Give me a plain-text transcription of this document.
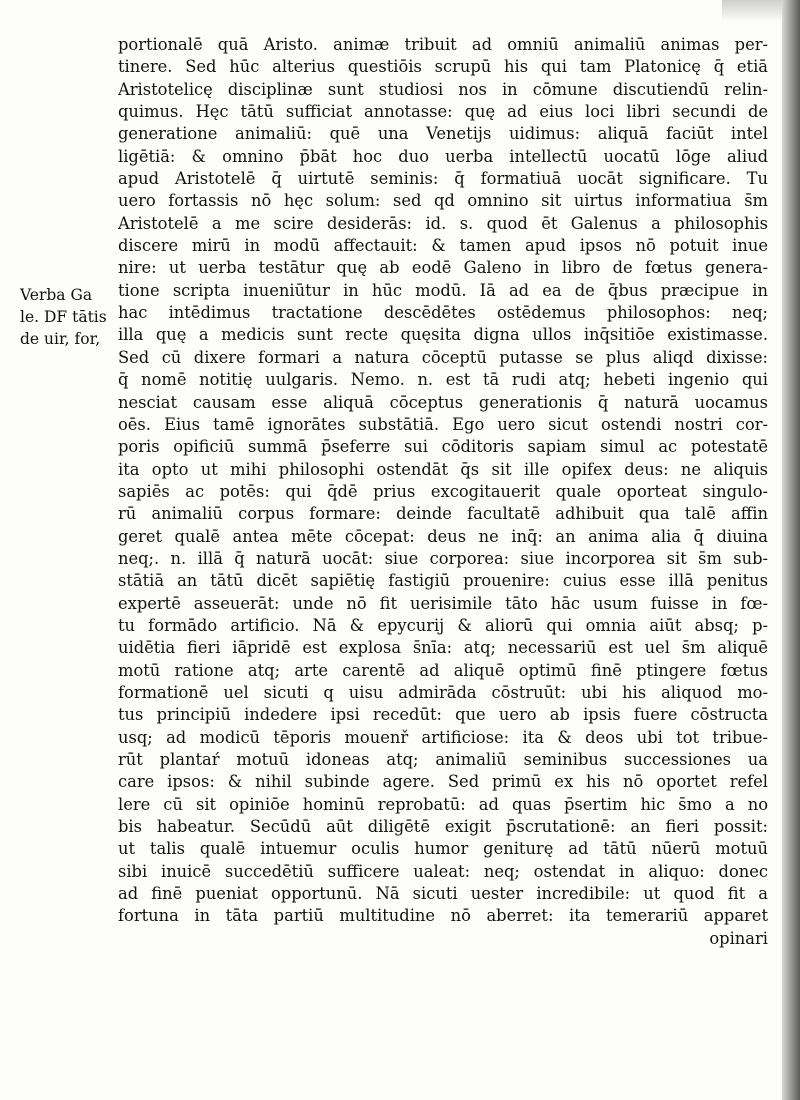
Verba Ga
le. DF tātis
de uir, for,
portionalē quā Aristo. animæ tribuit ad omniū animaliū animas per-
tinere. Sed hūc alterius questiōis scrupū his qui tam Platonicę q̄ etiā
Aristotelicę disciplinæ sunt studiosi nos in cōmune discutiendū relin-
quimus. Hęc tātū sufficiat annotasse: quę ad eius loci libri secundi de
generatione animaliū: quē una Venetijs uidimus: aliquā faciūt intel
ligētiā: & omnino p̄bāt hoc duo uerba intellectū uocatū lōge aliud
apud Aristotelē q̄ uirtutē seminis: q̄ formatiuā uocāt significare. Tu
uero fortassis nō hęc solum: sed qd omnino sit uirtus informatiua s̄m
Aristotelē a me scire desiderās: id. s. quod ēt Galenus a philosophis
discere mirū in modū affectauit: & tamen apud ipsos nō potuit inue
nire: ut uerba testātur quę ab eodē Galeno in libro de fœtus genera-
tione scripta inueniūtur in hūc modū. Iā ad ea de q̄bus præcipue in
hac intēdimus tractatione descēdētes ostēdemus philosophos: neq;
illa quę a medicis sunt recte quęsita digna ullos inq̄sitiōe existimasse.
Sed cū dixere formari a natura cōceptū putasse se plus aliqd dixisse:
q̄ nomē notitię uulgaris. Nemo. n. est tā rudi atq; hebeti ingenio qui
nesciat causam esse aliquā cōceptus generationis q̄ naturā uocamus
oēs. Eius tamē ignorātes substātiā. Ego uero sicut ostendi nostri cor-
poris opificiū summā p̄seferre sui cōditoris sapiam simul ac potestatē
ita opto ut mihi philosophi ostendāt q̄s sit ille opifex deus: ne aliquis
sapiēs ac potēs: qui q̄dē prius excogitauerit quale oporteat singulo-
rū animaliū corpus formare: deinde facultatē adhibuit qua talē affin
geret qualē antea mēte cōcepat: deus ne inq̄: an anima alia q̄ diuina
neq;. n. illā q̄ naturā uocāt: siue corporea: siue incorporea sit s̄m sub-
stātiā an tātū dicēt sapiētię fastigiū prouenire: cuius esse illā penitus
expertē asseuerāt: unde nō fit uerisimile tāto hāc usum fuisse in fœ-
tu formādo artificio. Nā & epycurij & aliorū qui omnia aiūt absq; p-
uidētia fieri iāpridē est explosa s̄nīa: atq; necessariū est uel s̄m aliquē
motū ratione atq; arte carentē ad aliquē optimū finē ptingere fœtus
formationē uel sicuti q uisu admirāda cōstruūt: ubi his aliquod mo-
tus principiū indedere ipsi recedūt: que uero ab ipsis fuere cōstructa
usq; ad modicū tēporis mouenř artificiose: ita & deos ubi tot tribue-
rūt plantaŕ motuū idoneas atq; animaliū seminibus successiones ua
care ipsos: & nihil subinde agere. Sed primū ex his nō oportet refel
lere cū sit opiniōe hominū reprobatū: ad quas p̄sertim hic s̄mo a no
bis habeatur. Secūdū aūt diligētē exigit p̄scrutationē: an fieri possit:
ut talis qualē intuemur oculis humor geniturę ad tātū nūerū motuū
sibi inuicē succedētiū sufficere ualeat: neq; ostendat in aliquo: donec
ad finē pueniat opportunū. Nā sicuti uester incredibile: ut quod fit a
fortuna in tāta partiū multitudine nō aberret: ita temerariū apparet
opinari
